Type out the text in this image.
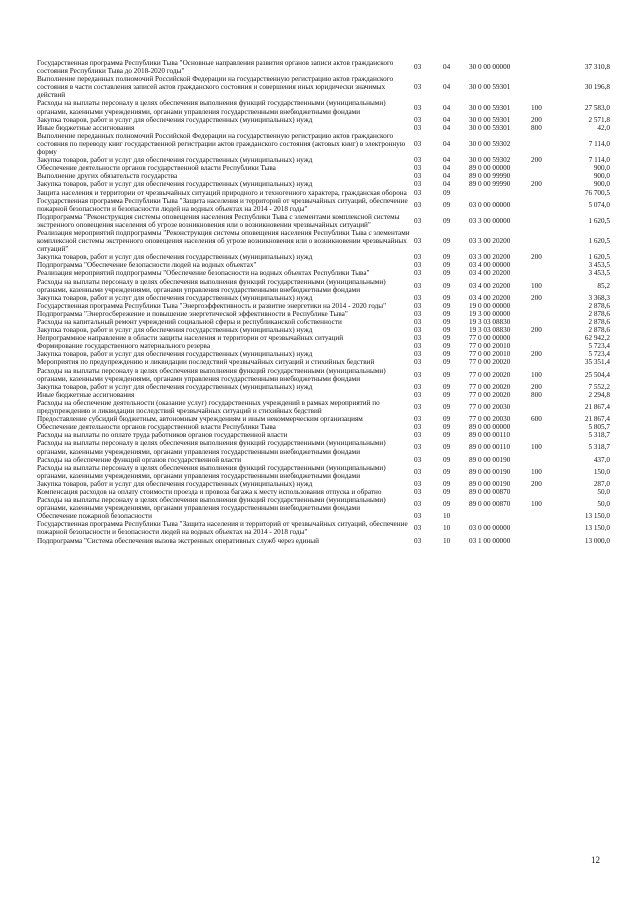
Государственная программа Республики Тыва "Основные направления развития органов записи актов гражданского состояния Республики Тыва до 2018-2020 годы"	03	04	30 0 00 00000		37 310,8
Выполнение переданных полномочий Российской Федерации на государственную регистрацию актов гражданского состояния в части составления записей актов гражданского состояния и совершения иных юридически значимых действий	03	04	30 0 00 59301		30 196,8
Расходы на выплаты персоналу в целях обеспечения выполнения функций государственными (муниципальными) органами, казенными учреждениями, органами управления государственными внебюджетными фондами	03	04	30 0 00 59301	100	27 583,0
Закупка товаров, работ и услуг для обеспечения государственных (муниципальных) нужд	03	04	30 0 00 59301	200	2 571,8
Иные бюджетные ассигнования	03	04	30 0 00 59301	800	42,0
Выполнение переданных полномочий Российской Федерации на государственную регистрацию актов гражданского состояния по переводу книг государственной регистрации актов гражданского состояния (актовых книг) в электронную форму	03	04	30 0 00 59302		7 114,0
Закупка товаров, работ и услуг для обеспечения государственных (муниципальных) нужд	03	04	30 0 00 59302	200	7 114,0
Обеспечение деятельности органов государственной власти Республики Тыва	03	04	89 0 00 00000		900,0
Выполнение других обязательств государства	03	04	89 0 00 99990		900,0
Закупка товаров, работ и услуг для обеспечения государственных (муниципальных) нужд	03	04	89 0 00 99990	200	900,0
Защита населения и территории от чрезвычайных ситуаций природного и техногенного характера, гражданская оборона	03	09			76 700,5
Государственная программа Республики Тыва "Защита населения и территорий от чрезвычайных ситуаций, обеспечение пожарной безопасности и безопасности людей на водных объектах на 2014 - 2018 годы"	03	09	03 0 00 00000		5 074,0
Подпрограмма "Реконструкция системы оповещения населения Республики Тыва с элементами комплексной системы экстренного оповещения населения об угрозе возникновения или о возникновении чрезвычайных ситуаций"	03	09	03 3 00 00000		1 620,5
Реализация мероприятий подпрограммы "Реконструкция системы оповещения населения Республики Тыва с элементами комплексной системы экстренного оповещения населения об угрозе возникновения или о возникновении чрезвычайных ситуаций"	03	09	03 3 00 20200		1 620,5
Закупка товаров, работ и услуг для обеспечения государственных (муниципальных) нужд	03	09	03 3 00 20200	200	1 620,5
Подпрограмма "Обеспечение безопасности людей на водных объектах"	03	09	03 4 00 00000		3 453,5
Реализация мероприятий подпрограммы "Обеспечение безопасности на водных объектах Республики Тыва"	03	09	03 4 00 20200		3 453,5
Расходы на выплаты персоналу в целях обеспечения выполнения функций государственными (муниципальными) органами, казенными учреждениями, органами управления государственными внебюджетными фондами	03	09	03 4 00 20200	100	85,2
Закупка товаров, работ и услуг для обеспечения государственных (муниципальных) нужд	03	09	03 4 00 20200	200	3 368,3
Государственная программа Республики Тыва "Энергоэффективность и развитие энергетики на 2014 - 2020 годы"	03	09	19 0 00 00000		2 878,6
Подпрограмма "Энергосбережение и повышение энергетической эффективности в Республике Тыва"	03	09	19 3 00 00000		2 878,6
Расходы на капитальный ремонт учреждений социальной сферы и республиканской собственности	03	09	19 3 03 08830		2 878,6
Закупка товаров, работ и услуг для обеспечения государственных (муниципальных) нужд	03	09	19 3 03 08830	200	2 878,6
Непрограммное направление в области защиты населения и территории от чрезвычайных ситуаций	03	09	77 0 00 00000		62 942,2
Формирование государственного материального резерва	03	09	77 0 00 20010		5 723,4
Закупка товаров, работ и услуг для обеспечения государственных (муниципальных) нужд	03	09	77 0 00 20010	200	5 723,4
Мероприятия по предупреждению и ликвидации последствий чрезвычайных ситуаций и стихийных бедствий	03	09	77 0 00 20020		35 351,4
Расходы на выплаты персоналу в целях обеспечения выполнения функций государственными (муниципальными) органами, казенными учреждениями, органами управления государственными внебюджетными фондами	03	09	77 0 00 20020	100	25 504,4
Закупка товаров, работ и услуг для обеспечения государственных (муниципальных) нужд	03	09	77 0 00 20020	200	7 552,2
Иные бюджетные ассигнования	03	09	77 0 00 20020	800	2 294,8
Расходы на обеспечение деятельности (оказание услуг) государственных учреждений в рамках мероприятий по предупреждению и ликвидации последствий чрезвычайных ситуаций и стихийных бедствий	03	09	77 0 00 20030		21 867,4
Предоставление субсидий бюджетным, автономным учреждениям и иным некоммерческим организациям	03	09	77 0 00 20030	600	21 867,4
Обеспечение деятельности органов государственной власти Республики Тыва	03	09	89 0 00 00000		5 805,7
Расходы на выплаты по оплате труда работников органов государственной власти	03	09	89 0 00 00110		5 318,7
Расходы на выплаты персоналу в целях обеспечения выполнения функций государственными (муниципальными) органами, казенными учреждениями, органами управления государственными внебюджетными фондами	03	09	89 0 00 00110	100	5 318,7
Расходы на обеспечение функций органов государственной власти	03	09	89 0 00 00190		437,0
Расходы на выплаты персоналу в целях обеспечения выполнения функций государственными (муниципальными) органами, казенными учреждениями, органами управления государственными внебюджетными фондами	03	09	89 0 00 00190	100	150,0
Закупка товаров, работ и услуг для обеспечения государственных (муниципальных) нужд	03	09	89 0 00 00190	200	287,0
Компенсация расходов на оплату стоимости проезда и провоза багажа к месту использования отпуска и обратно	03	09	89 0 00 00870		50,0
Расходы на выплаты персоналу в целях обеспечения выполнения функций государственными (муниципальными) органами, казенными учреждениями, органами управления государственными внебюджетными фондами	03	09	89 0 00 00870	100	50,0
Обеспечение пожарной безопасности	03	10			13 150,0
Государственная программа Республики Тыва "Защита населения и территорий от чрезвычайных ситуаций, обеспечение пожарной безопасности и безопасности людей на водных объектах на 2014 - 2018 годы"	03	10	03 0 00 00000		13 150,0
Подпрограмма "Система обеспечения вызова экстренных оперативных служб через единый	03	10	03 1 00 00000		13 000,0
12
